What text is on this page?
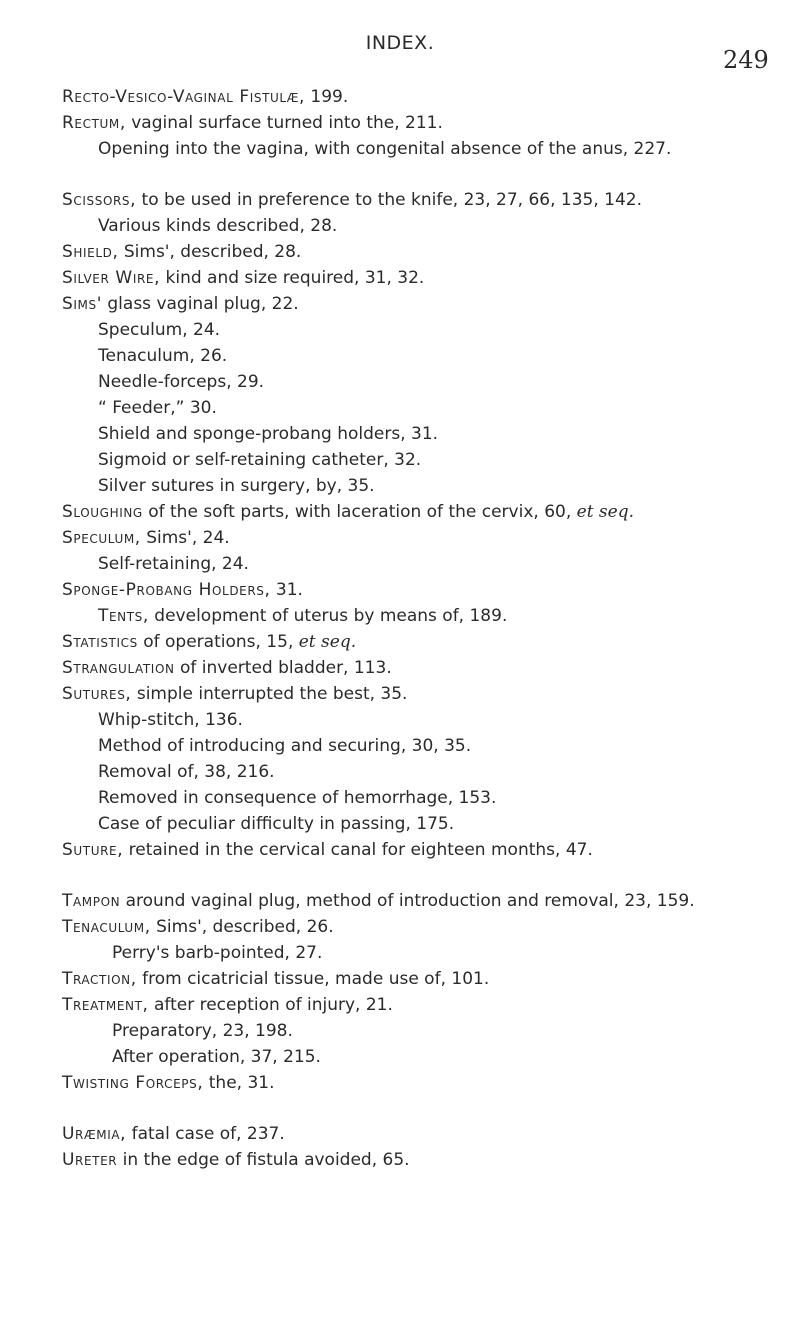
INDEX.
249
Recto-Vesico-Vaginal Fistulæ, 199.
Rectum, vaginal surface turned into the, 211.
Opening into the vagina, with congenital absence of the anus, 227.
Scissors, to be used in preference to the knife, 23, 27, 66, 135, 142.
Various kinds described, 28.
Shield, Sims', described, 28.
Silver Wire, kind and size required, 31, 32.
Sims' glass vaginal plug, 22.
Speculum, 24.
Tenaculum, 26.
Needle-forceps, 29.
“ Feeder,” 30.
Shield and sponge-probang holders, 31.
Sigmoid or self-retaining catheter, 32.
Silver sutures in surgery, by, 35.
Sloughing of the soft parts, with laceration of the cervix, 60, et seq.
Speculum, Sims', 24.
Self-retaining, 24.
Sponge-Probang Holders, 31.
Tents, development of uterus by means of, 189.
Statistics of operations, 15, et seq.
Strangulation of inverted bladder, 113.
Sutures, simple interrupted the best, 35.
Whip-stitch, 136.
Method of introducing and securing, 30, 35.
Removal of, 38, 216.
Removed in consequence of hemorrhage, 153.
Case of peculiar difficulty in passing, 175.
Suture, retained in the cervical canal for eighteen months, 47.
Tampon around vaginal plug, method of introduction and removal, 23, 159.
Tenaculum, Sims', described, 26.
Perry's barb-pointed, 27.
Traction, from cicatricial tissue, made use of, 101.
Treatment, after reception of injury, 21.
Preparatory, 23, 198.
After operation, 37, 215.
Twisting Forceps, the, 31.
Uræmia, fatal case of, 237.
Ureter in the edge of fistula avoided, 65.
